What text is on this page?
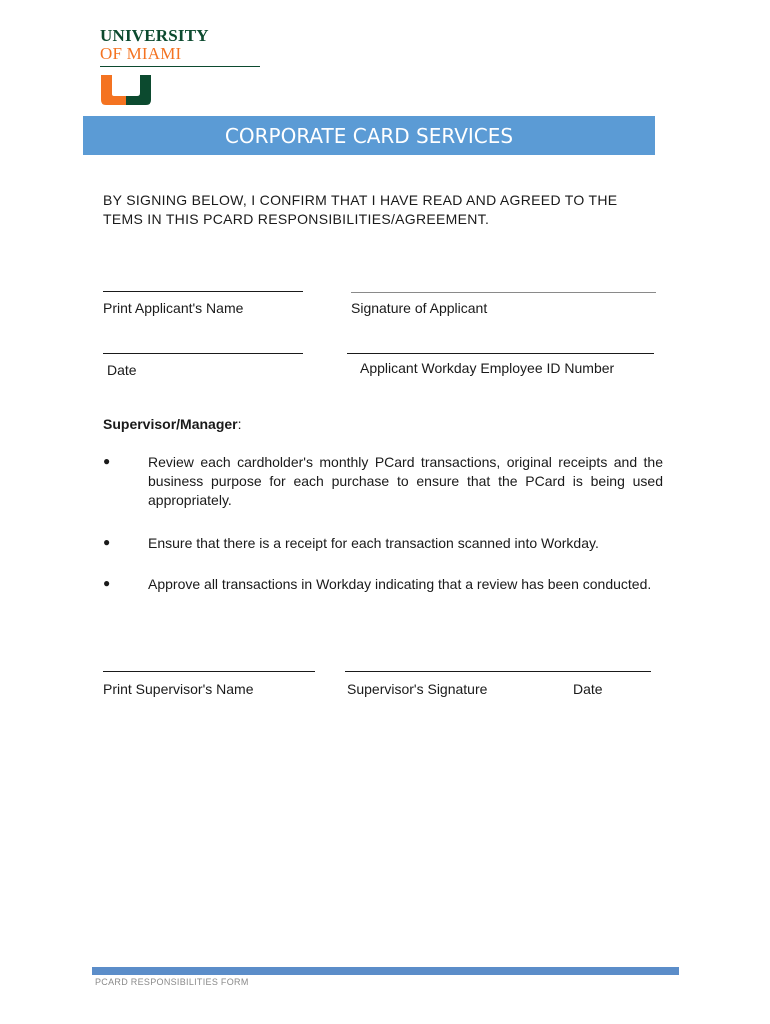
UNIVERSITY
OF MIAMI
CORPORATE CARD SERVICES
BY SIGNING BELOW, I CONFIRM THAT I HAVE READ AND AGREED TO THE
TEMS IN THIS PCARD RESPONSIBILITIES/AGREEMENT.
Print Applicant's Name	Signature of Applicant
Date	Applicant Workday Employee ID Number
Supervisor/Manager:
●	Review each cardholder's monthly PCard transactions, original receipts and the business purpose for each purchase to ensure that the PCard is being used appropriately.
●	Ensure that there is a receipt for each transaction scanned into Workday.
●	Approve all transactions in Workday indicating that a review has been conducted.
Print Supervisor's Name	Supervisor's Signature	Date
PCARD RESPONSIBILITIES FORM
